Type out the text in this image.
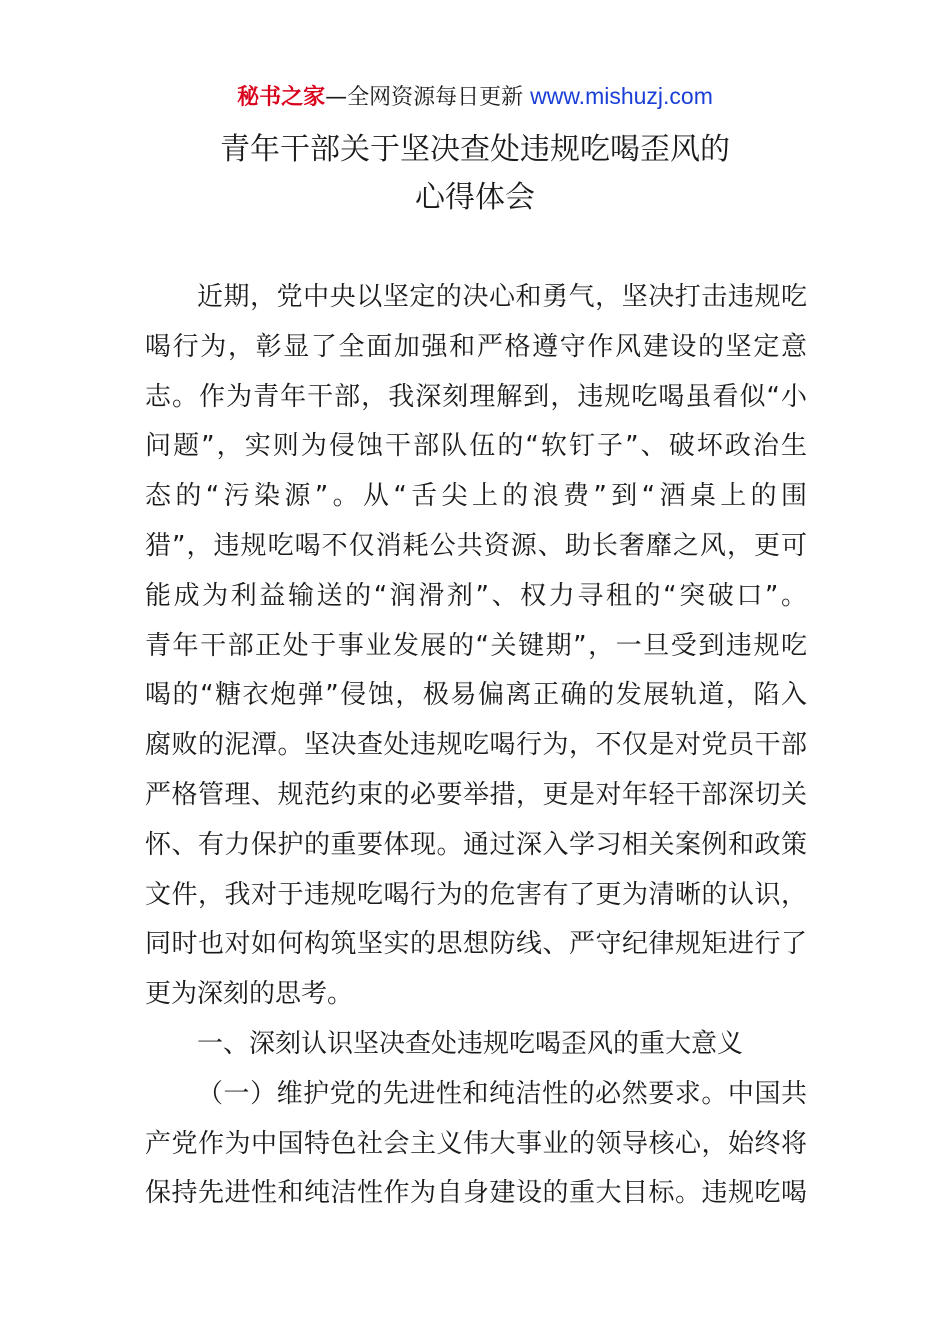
秘书之家—全网资源每日更新 www.mishuzj.com
青年干部关于坚决查处违规吃喝歪风的
心得体会
近期，党中央以坚定的决心和勇气，坚决打击违规吃
喝行为，彰显了全面加强和严格遵守作风建设的坚定意
志。作为青年干部，我深刻理解到，违规吃喝虽看似“小
问题”，实则为侵蚀干部队伍的“软钉子”、破坏政治生
态的“污染源”。从“舌尖上的浪费”到“酒桌上的围
猎”，违规吃喝不仅消耗公共资源、助长奢靡之风，更可
能成为利益输送的“润滑剂”、权力寻租的“突破口”。
青年干部正处于事业发展的“关键期”，一旦受到违规吃
喝的“糖衣炮弹”侵蚀，极易偏离正确的发展轨道，陷入
腐败的泥潭。坚决查处违规吃喝行为，不仅是对党员干部
严格管理、规范约束的必要举措，更是对年轻干部深切关
怀、有力保护的重要体现。通过深入学习相关案例和政策
文件，我对于违规吃喝行为的危害有了更为清晰的认识，
同时也对如何构筑坚实的思想防线、严守纪律规矩进行了
更为深刻的思考。
一、深刻认识坚决查处违规吃喝歪风的重大意义
（一）维护党的先进性和纯洁性的必然要求。中国共
产党作为中国特色社会主义伟大事业的领导核心，始终将
保持先进性和纯洁性作为自身建设的重大目标。违规吃喝
